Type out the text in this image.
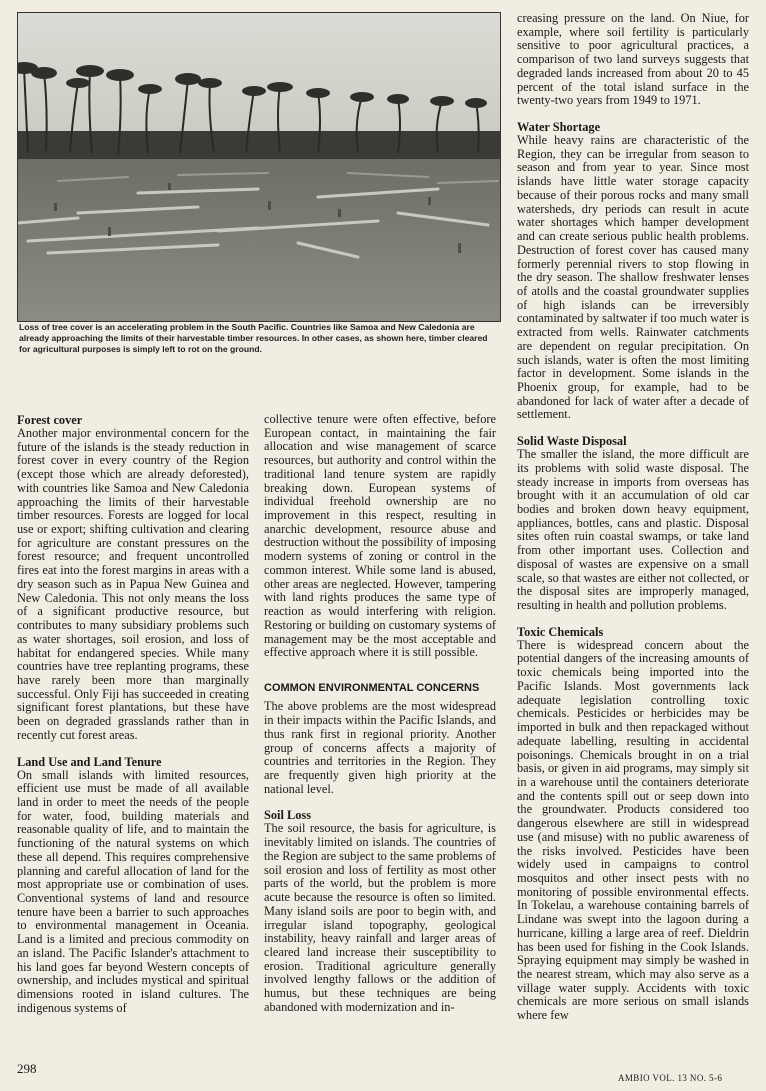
Loss of tree cover is an accelerating problem in the South Pacific. Countries like Samoa and New Caledonia are already approaching the limits of their harvestable timber resources. In other cases, as shown here, timber cleared for agricultural purposes is simply left to rot on the ground.

Forest cover

Another major environmental concern for the future of the islands is the steady reduction in forest cover in every country of the Region (except those which are already deforested), with countries like Samoa and New Caledonia approaching the limits of their harvestable timber resources. Forests are logged for local use or export; shifting cultivation and clearing for agriculture are constant pressures on the forest resource; and frequent uncontrolled fires eat into the forest margins in areas with a dry season such as in Papua New Guinea and New Caledonia. This not only means the loss of a significant productive resource, but contributes to many subsidiary problems such as water shortages, soil erosion, and loss of habitat for endangered species. While many countries have tree replanting programs, these have rarely been more than marginally successful. Only Fiji has succeeded in creating significant forest plantations, but these have been on degraded grasslands rather than in recently cut forest areas.

Land Use and Land Tenure

On small islands with limited resources, efficient use must be made of all available land in order to meet the needs of the people for water, food, building materials and reasonable quality of life, and to maintain the functioning of the natural systems on which these all depend. This requires comprehensive planning and careful allocation of land for the most appropriate use or combination of uses. Conventional systems of land and resource tenure have been a barrier to such approaches to environmental management in Oceania. Land is a limited and precious commodity on an island. The Pacific Islander's attachment to his land goes far beyond Western concepts of ownership, and includes mystical and spiritual dimensions rooted in island cultures. The indigenous systems of

collective tenure were often effective, before European contact, in maintaining the fair allocation and wise management of scarce resources, but authority and control within the traditional land tenure system are rapidly breaking down. European systems of individual freehold ownership are no improvement in this respect, resulting in anarchic development, resource abuse and destruction without the possibility of imposing modern systems of zoning or control in the common interest. While some land is abused, other areas are neglected. However, tampering with land rights produces the same type of reaction as would interfering with religion. Restoring or building on customary systems of management may be the most acceptable and effective approach where it is still possible.

COMMON ENVIRONMENTAL CONCERNS

The above problems are the most widespread in their impacts within the Pacific Islands, and thus rank first in regional priority. Another group of concerns affects a majority of countries and territories in the Region. They are frequently given high priority at the national level.

Soil Loss

The soil resource, the basis for agriculture, is inevitably limited on islands. The countries of the Region are subject to the same problems of soil erosion and loss of fertility as most other parts of the world, but the problem is more acute because the resource is often so limited. Many island soils are poor to begin with, and irregular island topography, geological instability, heavy rainfall and larger areas of cleared land increase their susceptibility to erosion. Traditional agriculture generally involved lengthy fallows or the addition of humus, but these techniques are being abandoned with modernization and in-

creasing pressure on the land. On Niue, for example, where soil fertility is particularly sensitive to poor agricultural practices, a comparison of two land surveys suggests that degraded lands increased from about 20 to 45 percent of the total island surface in the twenty-two years from 1949 to 1971.

Water Shortage

While heavy rains are characteristic of the Region, they can be irregular from season to season and from year to year. Since most islands have little water storage capacity because of their porous rocks and many small watersheds, dry periods can result in acute water shortages which hamper development and can create serious public health problems. Destruction of forest cover has caused many formerly perennial rivers to stop flowing in the dry season. The shallow freshwater lenses of atolls and the coastal groundwater supplies of high islands can be irreversibly contaminated by saltwater if too much water is extracted from wells. Rainwater catchments are dependent on regular precipitation. On such islands, water is often the most limiting factor in development. Some islands in the Phoenix group, for example, had to be abandoned for lack of water after a decade of settlement.

Solid Waste Disposal

The smaller the island, the more difficult are its problems with solid waste disposal. The steady increase in imports from overseas has brought with it an accumulation of old car bodies and broken down heavy equipment, appliances, bottles, cans and plastic. Disposal sites often ruin coastal swamps, or take land from other important uses. Collection and disposal of wastes are expensive on a small scale, so that wastes are either not collected, or the disposal sites are improperly managed, resulting in health and pollution problems.

Toxic Chemicals

There is widespread concern about the potential dangers of the increasing amounts of toxic chemicals being imported into the Pacific Islands. Most governments lack adequate legislation controlling toxic chemicals. Pesticides or herbicides may be imported in bulk and then repackaged without adequate labelling, resulting in accidental poisonings. Chemicals brought in on a trial basis, or given in aid programs, may simply sit in a warehouse until the containers deteriorate and the contents spill out or seep down into the groundwater. Products considered too dangerous elsewhere are still in widespread use (and misuse) with no public awareness of the risks involved. Pesticides have been widely used in campaigns to control mosquitos and other insect pests with no monitoring of possible environmental effects. In Tokelau, a warehouse containing barrels of Lindane was swept into the lagoon during a hurricane, killing a large area of reef. Dieldrin has been used for fishing in the Cook Islands. Spraying equipment may simply be washed in the nearest stream, which may also serve as a village water supply. Accidents with toxic chemicals are more serious on small islands where few

298
AMBIO VOL. 13 NO. 5-6
